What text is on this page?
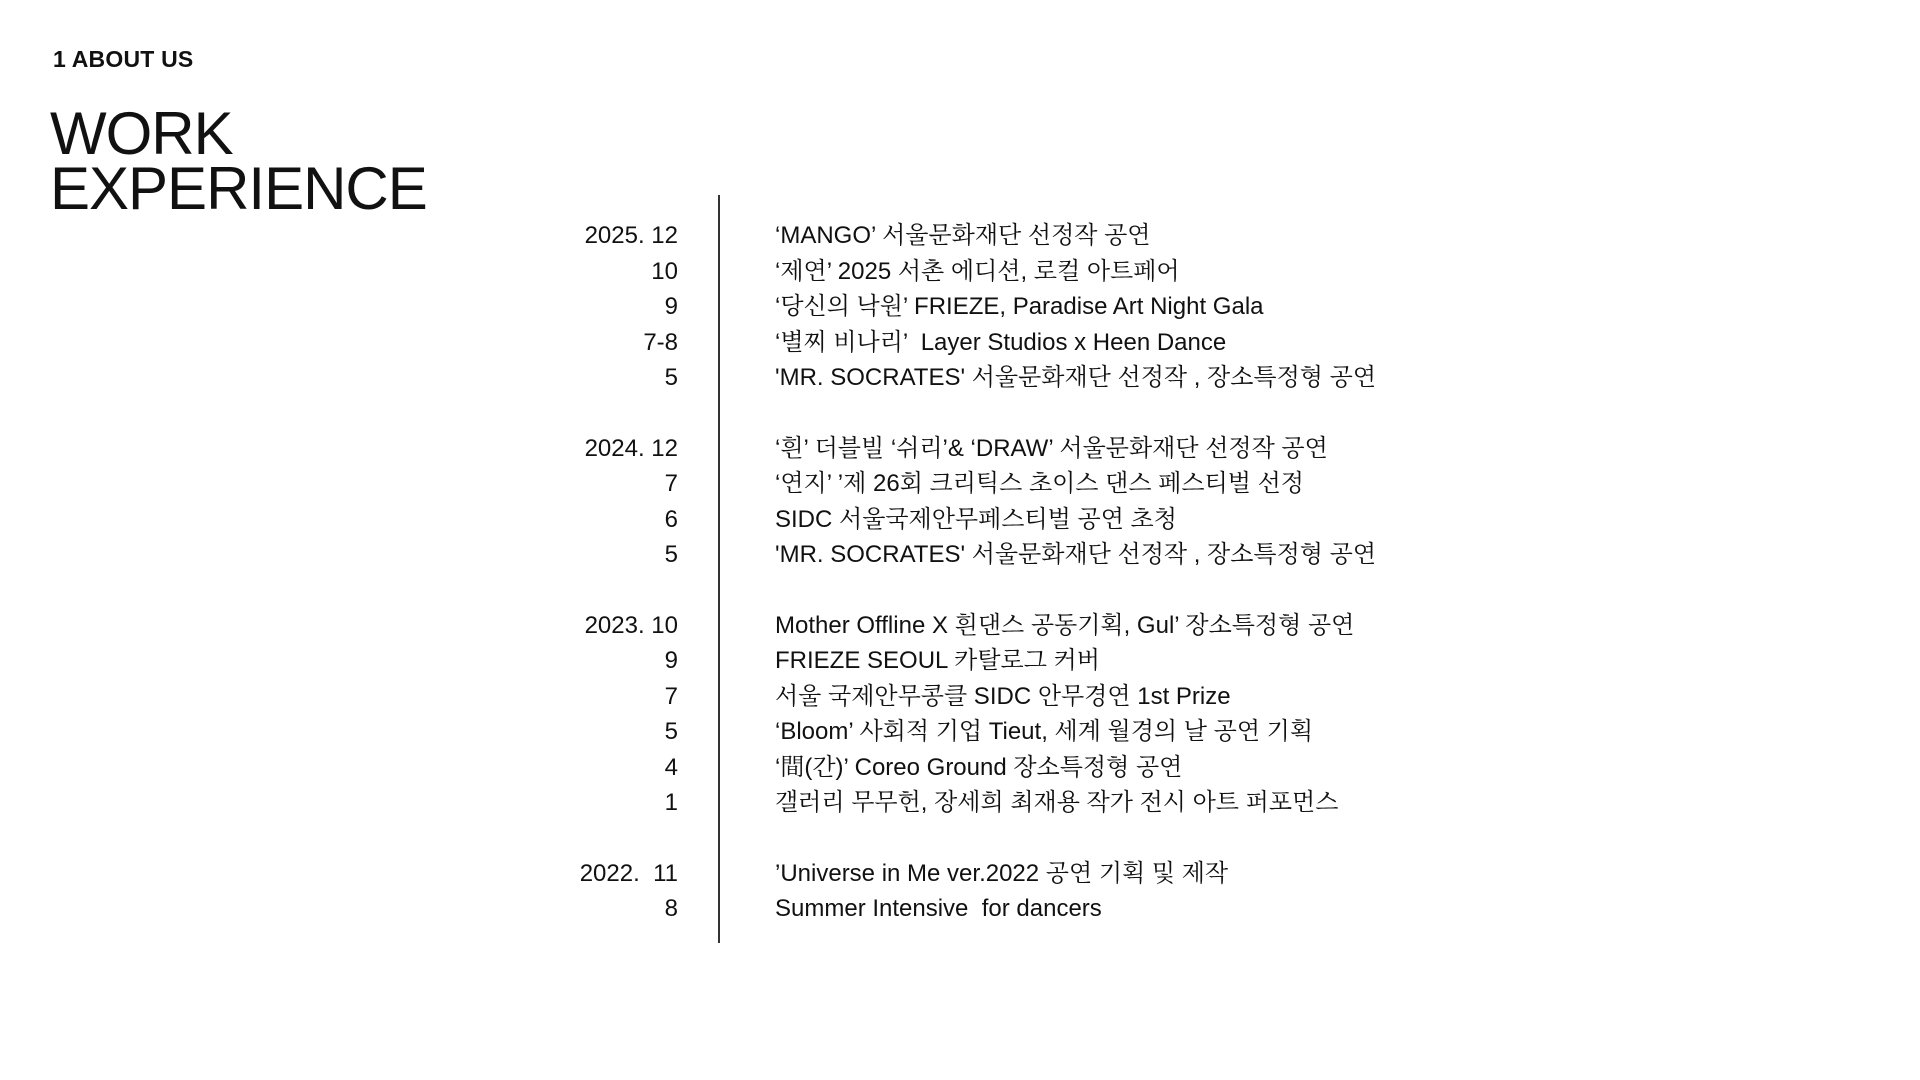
1 ABOUT US
WORK
EXPERIENCE
2025. 12	‘MANGO’ 서울문화재단 선정작 공연
10	‘제연’ 2025 서촌 에디션, 로컬 아트페어
9	‘당신의 낙원’ FRIEZE, Paradise Art Night Gala
7-8	‘별찌 비나리’  Layer Studios x Heen Dance
5	'MR. SOCRATES' 서울문화재단 선정작 , 장소특정형 공연
2024. 12	‘흰’ 더블빌 ‘쉬리’& ‘DRAW’ 서울문화재단 선정작 공연
7	‘연지’ ’제 26회 크리틱스 초이스 댄스 페스티벌 선정
6	SIDC 서울국제안무페스티벌 공연 초청
5	'MR. SOCRATES' 서울문화재단 선정작 , 장소특정형 공연
2023. 10	Mother Offline X 흰댄스 공동기획, Gul’ 장소특정형 공연
9	FRIEZE SEOUL 카탈로그 커버
7	서울 국제안무콩클 SIDC 안무경연 1st Prize
5	‘Bloom’ 사회적 기업 Tieut, 세계 월경의 날 공연 기획
4	‘間(간)’ Coreo Ground 장소특정형 공연
1	갤러리 무무헌, 장세희 최재용 작가 전시 아트 퍼포먼스
2022.  11	’Universe in Me ver.2022 공연 기획 및 제작
8	Summer Intensive  for dancers
